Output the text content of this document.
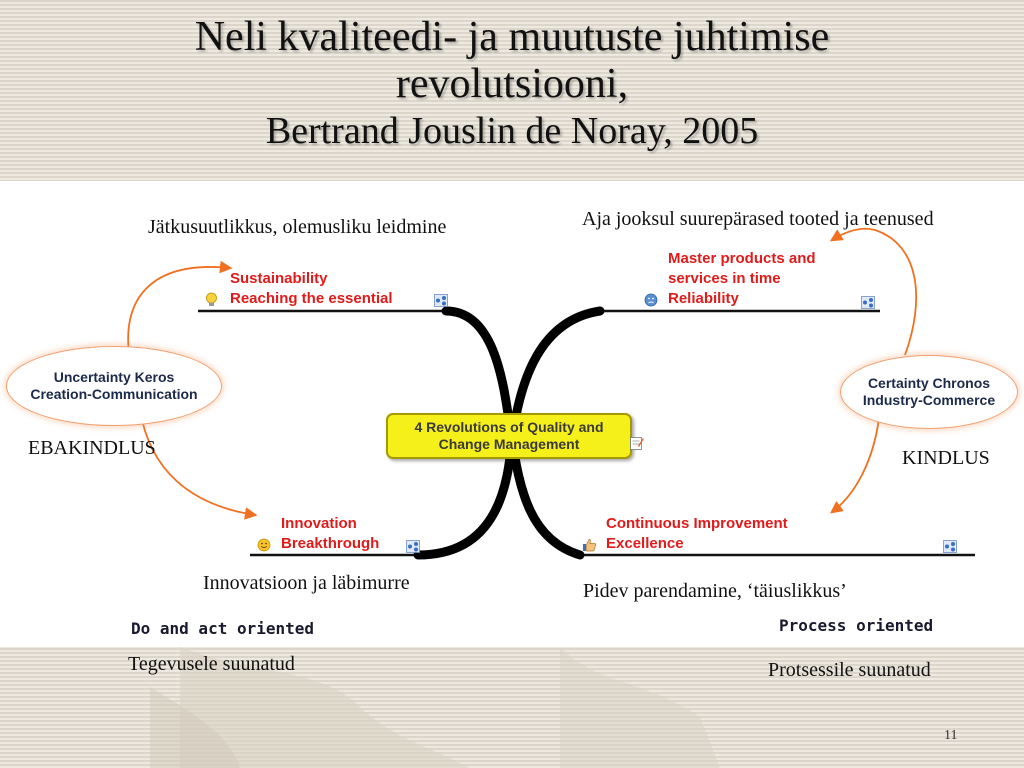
Neli kvaliteedi- ja muutuste juhtimise
revolutsiooni,
Bertrand Jouslin de Noray, 2005
Jätkusuutlikkus, olemusliku leidmine	Aja jooksul suurepärased tooted ja teenused
Innovatsioon ja läbimurre	Pidev parendamine, ‘täiuslikkus’
EBAKINDLUS	KINDLUS
Sustainability
Reaching the essential
Master products and
services in time
Reliability
Innovation
Breakthrough
Continuous Improvement
Excellence
Uncertainty Keros
Creation-Communication
Certainty Chronos
Industry-Commerce
4 Revolutions of Quality and
Change Management
Do and act oriented	Process oriented
Tegevusele suunatud	Protsessile suunatud
11
